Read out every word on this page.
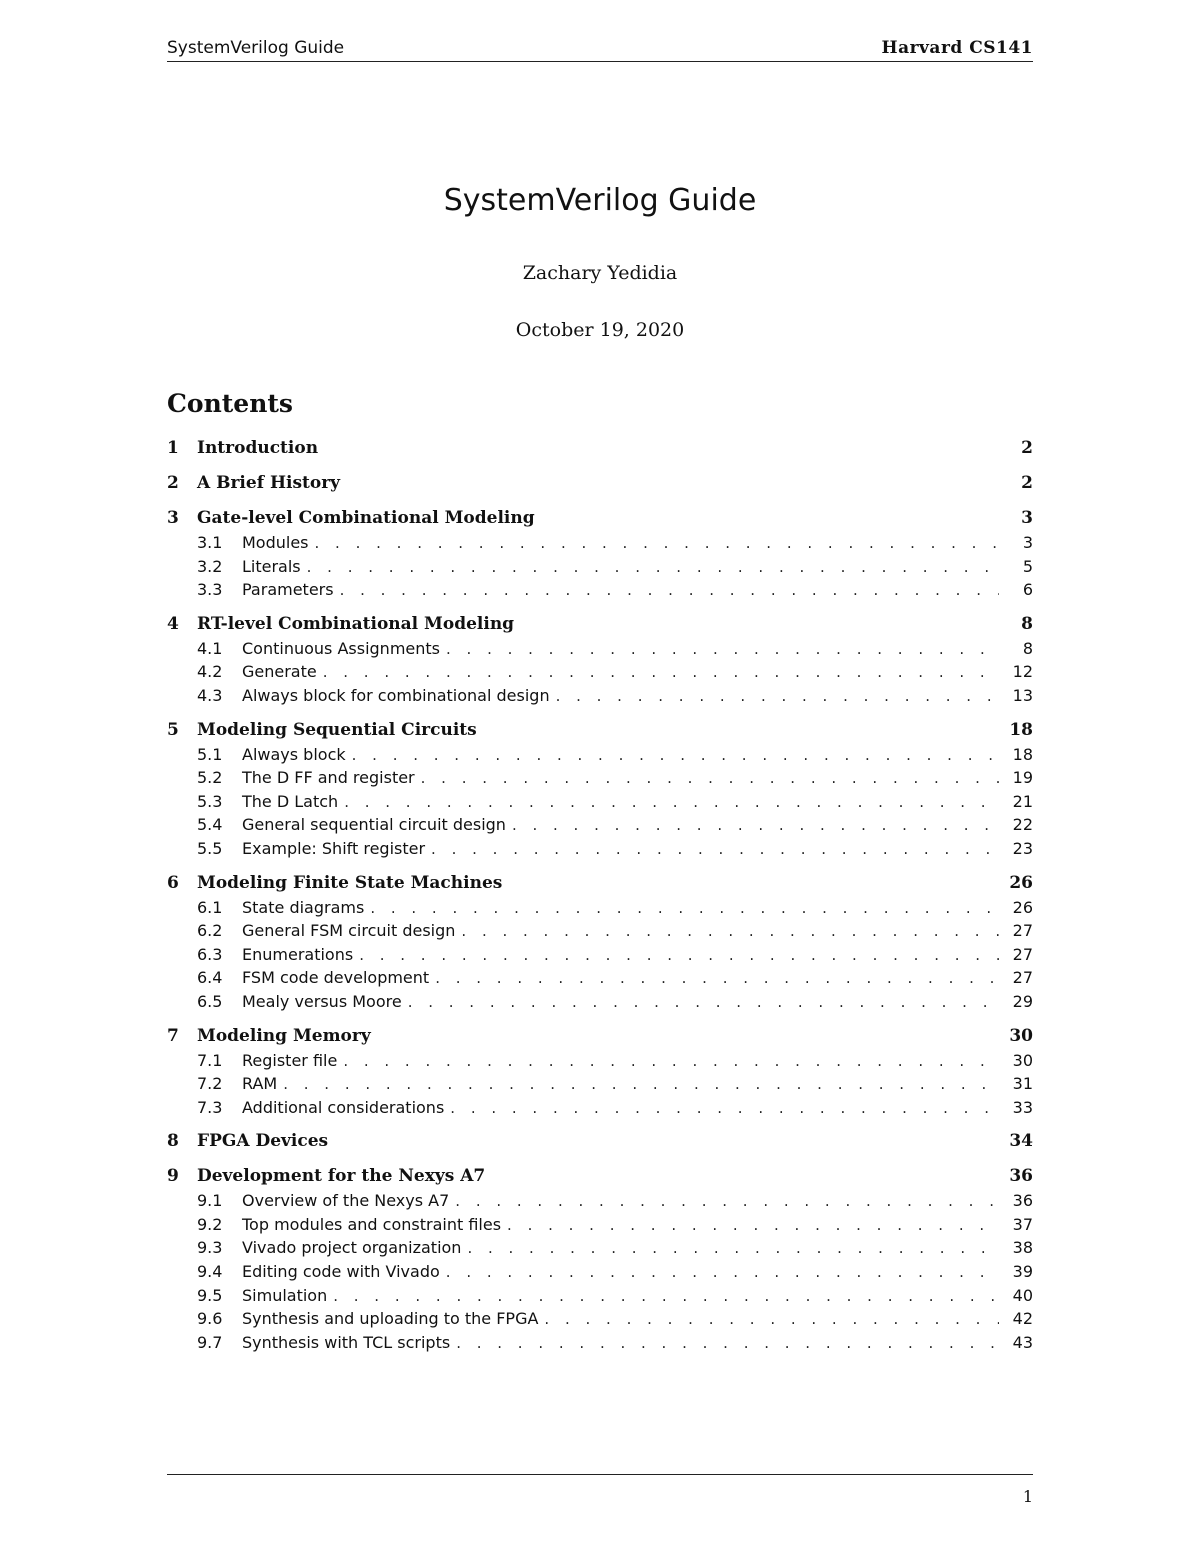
SystemVerilog Guide	Harvard CS141
SystemVerilog Guide
Zachary Yedidia
October 19, 2020
Contents
1	Introduction	2
2	A Brief History	2
3	Gate-level Combinational Modeling	3
3.1	Modules . . .	3
3.2	Literals . . .	5
3.3	Parameters . . .	6
4	RT-level Combinational Modeling	8
4.1	Continuous Assignments . . .	8
4.2	Generate . . .	12
4.3	Always block for combinational design . . .	13
5	Modeling Sequential Circuits	18
5.1	Always block . . .	18
5.2	The D FF and register . . .	19
5.3	The D Latch . . .	21
5.4	General sequential circuit design . . .	22
5.5	Example: Shift register . . .	23
6	Modeling Finite State Machines	26
6.1	State diagrams . . .	26
6.2	General FSM circuit design . . .	27
6.3	Enumerations . . .	27
6.4	FSM code development . . .	27
6.5	Mealy versus Moore . . .	29
7	Modeling Memory	30
7.1	Register file . . .	30
7.2	RAM . . .	31
7.3	Additional considerations . . .	33
8	FPGA Devices	34
9	Development for the Nexys A7	36
9.1	Overview of the Nexys A7 . . .	36
9.2	Top modules and constraint files . . .	37
9.3	Vivado project organization . . .	38
9.4	Editing code with Vivado . . .	39
9.5	Simulation . . .	40
9.6	Synthesis and uploading to the FPGA . . .	42
9.7	Synthesis with TCL scripts . . .	43
1
